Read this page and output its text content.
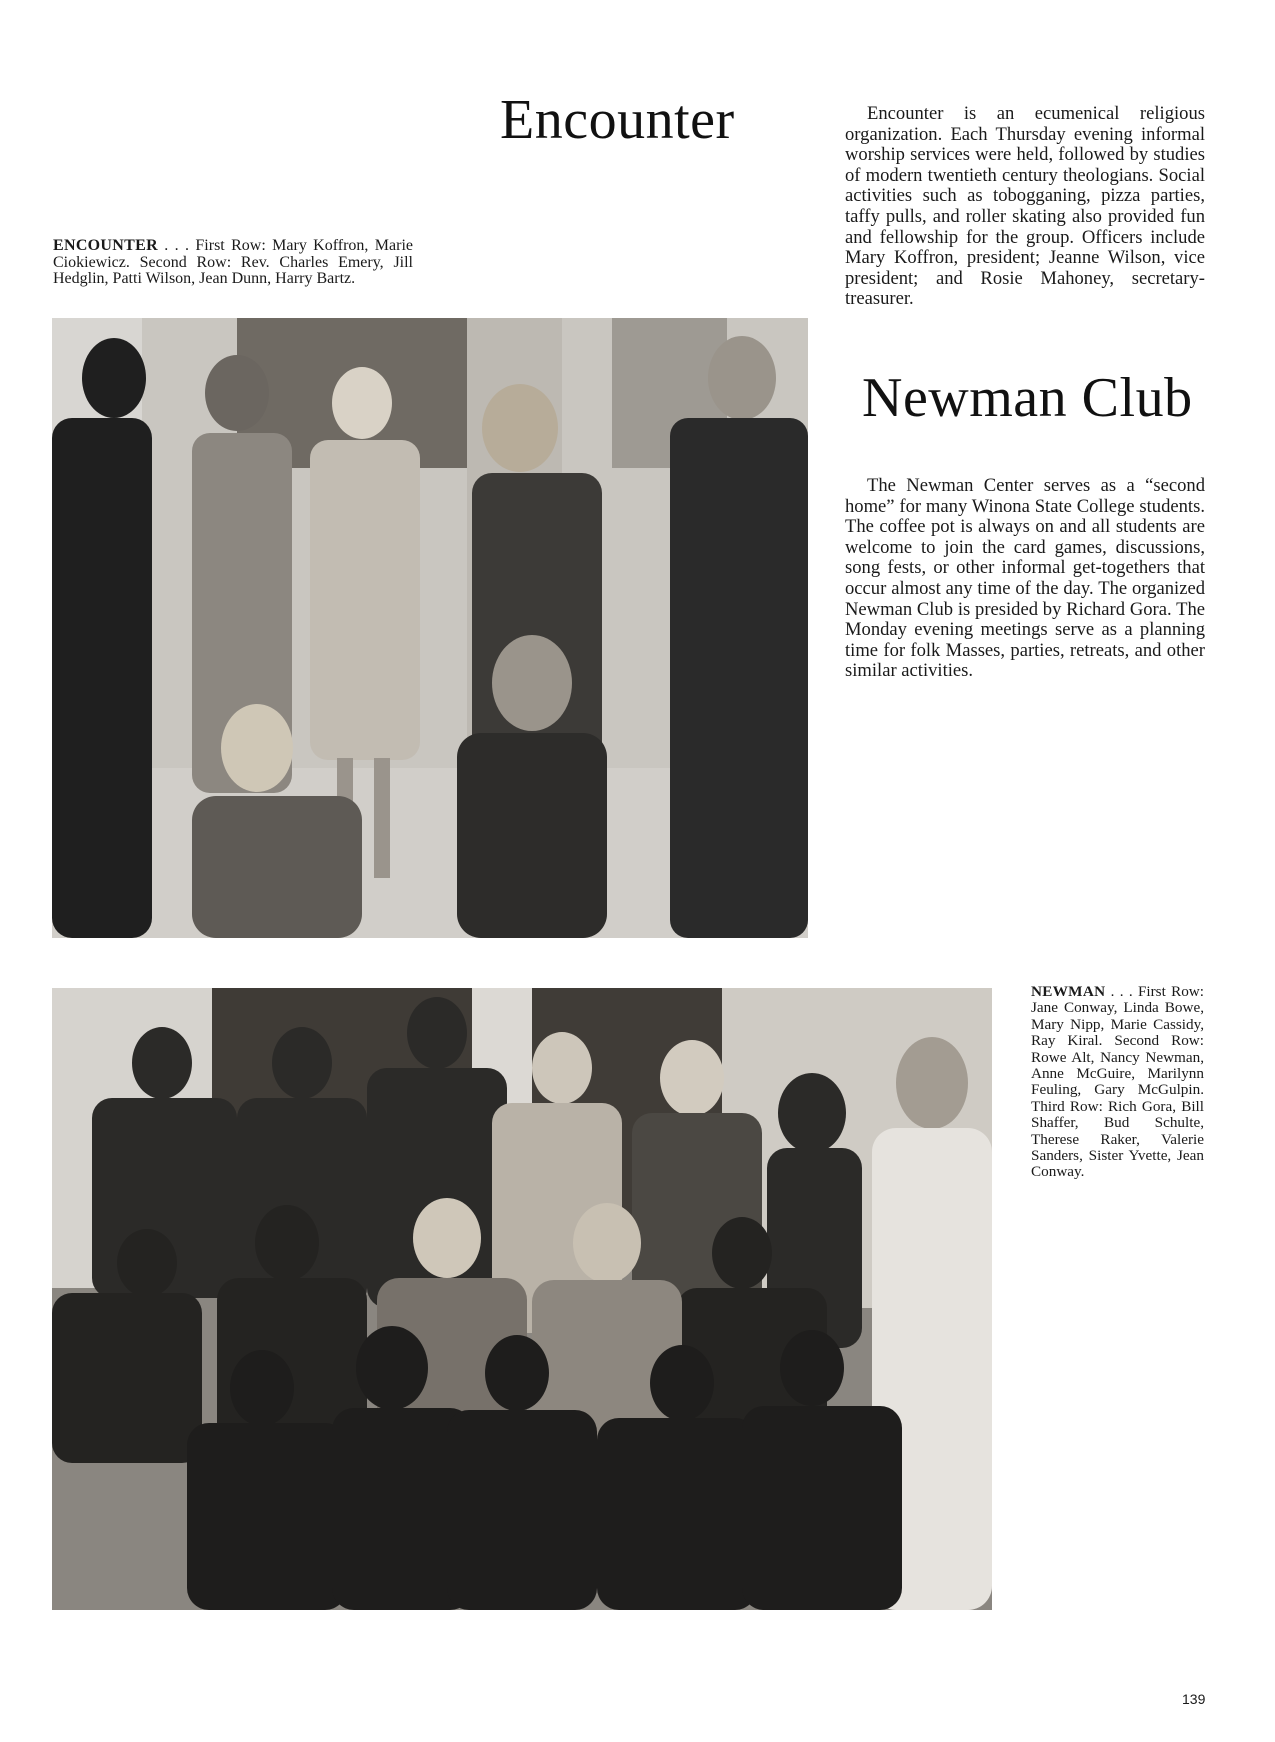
Encounter	Encounter is an ecumenical religious organization. Each Thursday evening informal worship services were held, followed by studies of modern twentieth century theologians. Social activities such as tobogganing, pizza parties, taffy pulls, and roller skating also provided fun and fellowship for the group. Officers include Mary Koffron, president; Jeanne Wilson, vice president; and Rosie Mahoney, secretary-treasurer.

ENCOUNTER . . . First Row: Mary Koffron, Marie Ciokiewicz. Second Row: Rev. Charles Emery, Jill Hedglin, Patti Wilson, Jean Dunn, Harry Bartz.

Newman Club

The Newman Center serves as a “second home” for many Winona State College students. The coffee pot is always on and all students are welcome to join the card games, discussions, song fests, or other informal get-togethers that occur almost any time of the day. The organized Newman Club is presided by Richard Gora. The Monday evening meetings serve as a planning time for folk Masses, parties, retreats, and other similar activities.

NEWMAN . . . First Row: Jane Conway, Linda Bowe, Mary Nipp, Marie Cassidy, Ray Kiral. Second Row: Rowe Alt, Nancy Newman, Anne McGuire, Marilynn Feuling, Gary McGulpin. Third Row: Rich Gora, Bill Shaffer, Bud Schulte, Therese Raker, Valerie Sanders, Sister Yvette, Jean Conway.

139
